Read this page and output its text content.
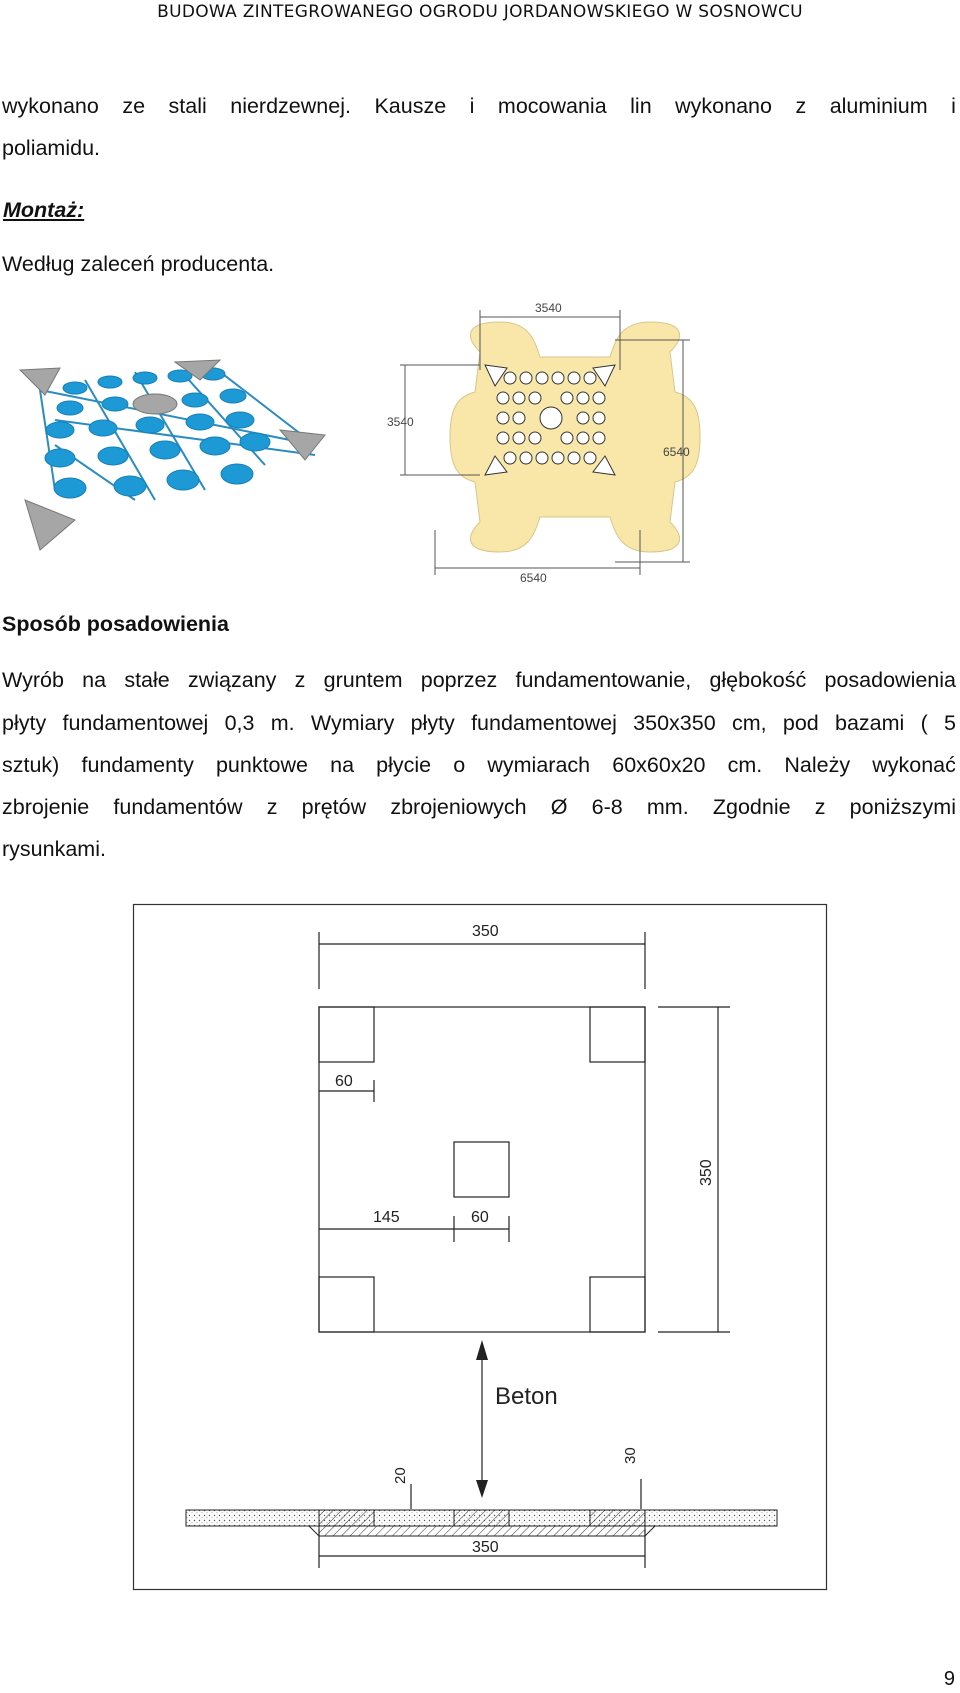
BUDOWA ZINTEGROWANEGO OGRODU JORDANOWSKIEGO W SOSNOWCU
wykonano ze stali nierdzewnej. Kausze i mocowania lin wykonano z aluminium i
poliamidu.
Montaż:
Według zaleceń producenta.
3540
3540
6540
6540
Sposób posadowienia
Wyrób na stałe związany z gruntem poprzez fundamentowanie, głębokość posadowienia
płyty fundamentowej 0,3 m. Wymiary płyty fundamentowej 350x350 cm, pod bazami ( 5
sztuk) fundamenty punktowe na płycie o wymiarach 60x60x20 cm. Należy wykonać
zbrojenie fundamentów z prętów zbrojeniowych Ø 6-8 mm. Zgodnie z poniższymi
rysunkami.
350
60
145	60
350
Beton
20
30
350
9
